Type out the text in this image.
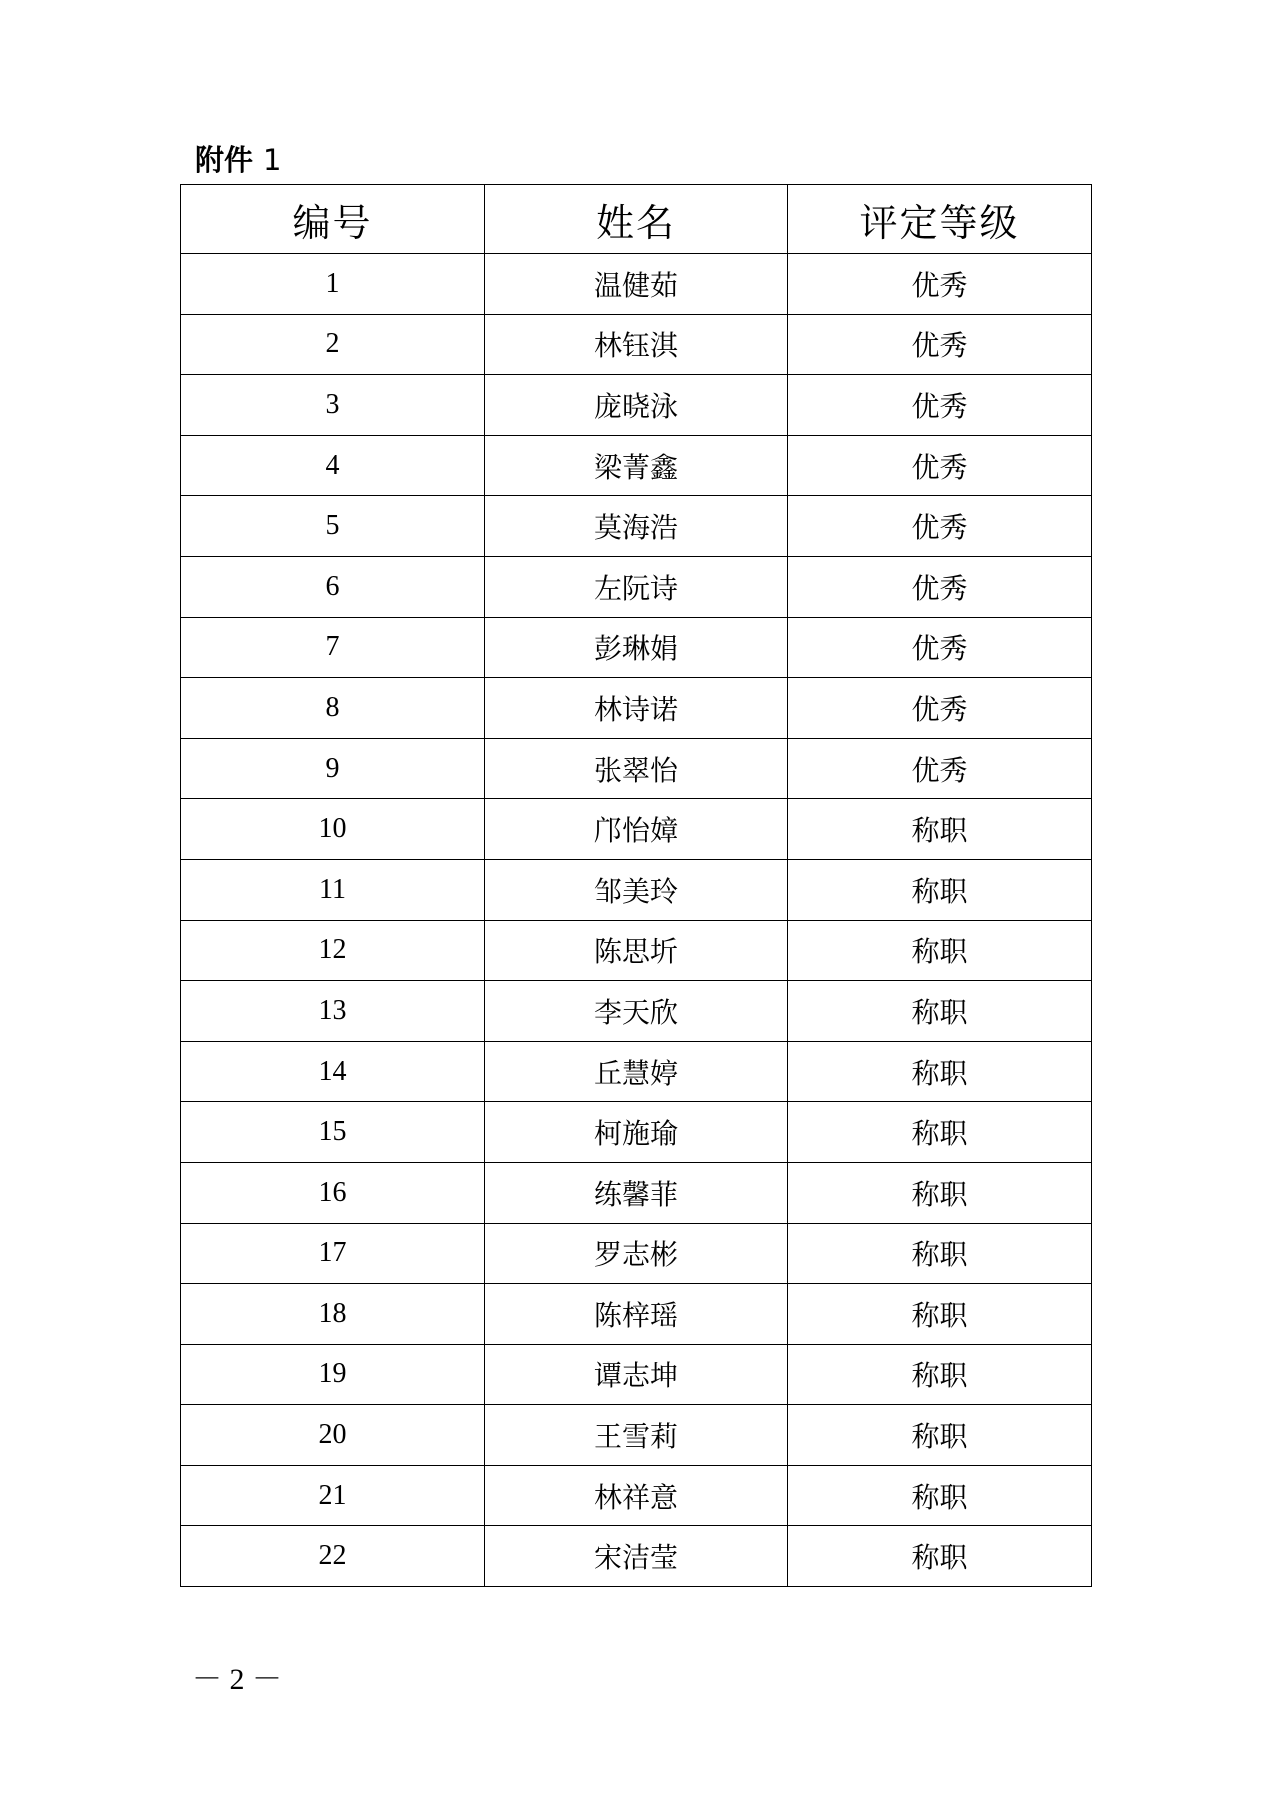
附件 1
编号	姓名	评定等级
1	温健茹	优秀
2	林钰淇	优秀
3	庞晓泳	优秀
4	梁菁鑫	优秀
5	莫海浩	优秀
6	左阮诗	优秀
7	彭琳娟	优秀
8	林诗诺	优秀
9	张翠怡	优秀
10	邝怡嫜	称职
11	邹美玲	称职
12	陈思圻	称职
13	李天欣	称职
14	丘慧婷	称职
15	柯施瑜	称职
16	练馨菲	称职
17	罗志彬	称职
18	陈梓瑶	称职
19	谭志坤	称职
20	王雪莉	称职
21	林祥意	称职
22	宋洁莹	称职
－ 2 －
